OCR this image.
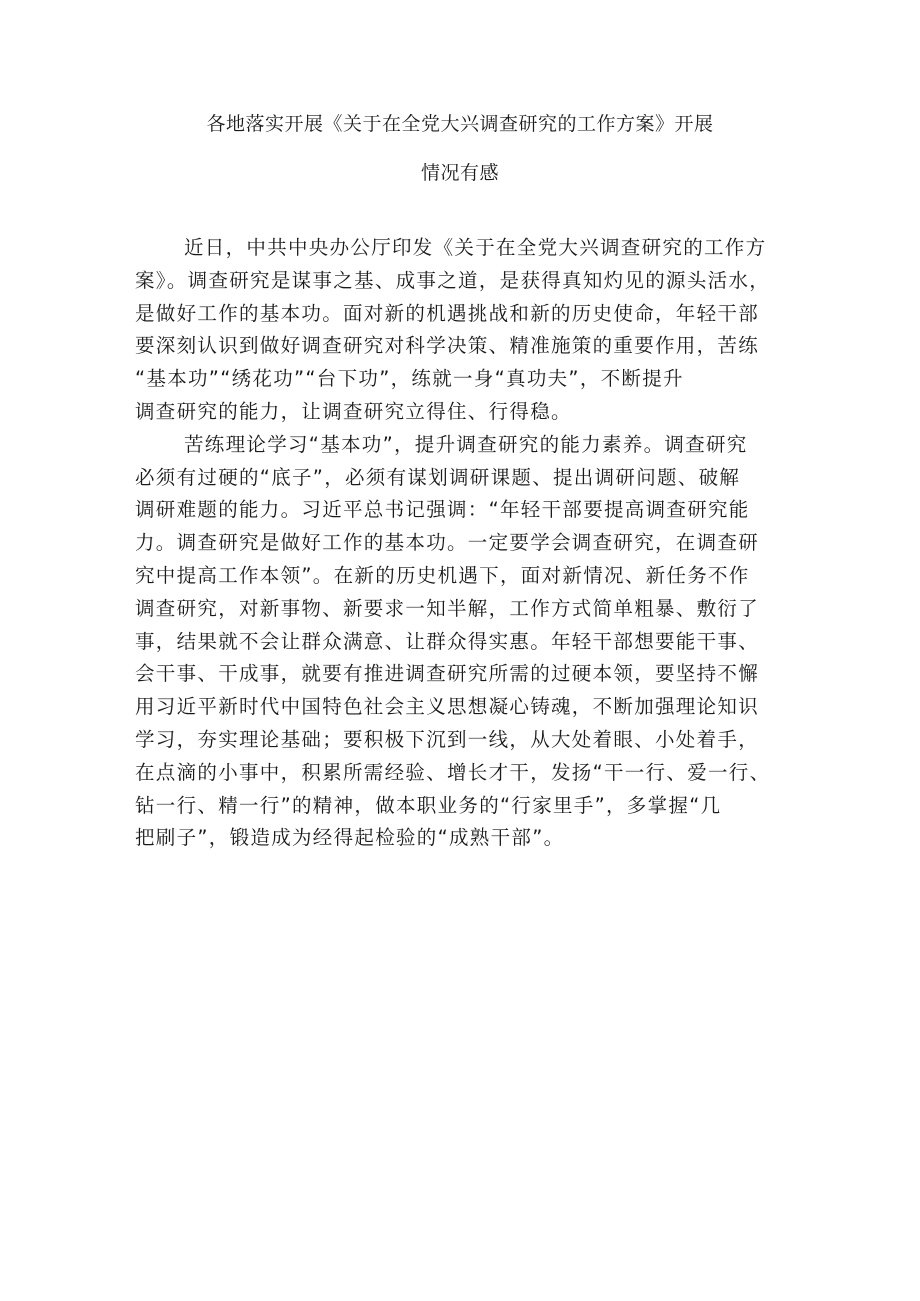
各地落实开展《关于在全党大兴调查研究的工作方案》开展
情况有感

近日，中共中央办公厅印发《关于在全党大兴调查研究的工作方
案》。调查研究是谋事之基、成事之道，是获得真知灼见的源头活水，
是做好工作的基本功。面对新的机遇挑战和新的历史使命，年轻干部
要深刻认识到做好调查研究对科学决策、精准施策的重要作用，苦练
“基本功”“绣花功”“台下功”，练就一身“真功夫”，不断提升
调查研究的能力，让调查研究立得住、行得稳。

苦练理论学习“基本功”，提升调查研究的能力素养。调查研究
必须有过硬的“底子”，必须有谋划调研课题、提出调研问题、破解
调研难题的能力。习近平总书记强调：“年轻干部要提高调查研究能
力。调查研究是做好工作的基本功。一定要学会调查研究，在调查研
究中提高工作本领”。在新的历史机遇下，面对新情况、新任务不作
调查研究，对新事物、新要求一知半解，工作方式简单粗暴、敷衍了
事，结果就不会让群众满意、让群众得实惠。年轻干部想要能干事、
会干事、干成事，就要有推进调查研究所需的过硬本领，要坚持不懈
用习近平新时代中国特色社会主义思想凝心铸魂，不断加强理论知识
学习，夯实理论基础；要积极下沉到一线，从大处着眼、小处着手，
在点滴的小事中，积累所需经验、增长才干，发扬“干一行、爱一行、
钻一行、精一行”的精神，做本职业务的“行家里手”，多掌握“几
把刷子”，锻造成为经得起检验的“成熟干部”。
